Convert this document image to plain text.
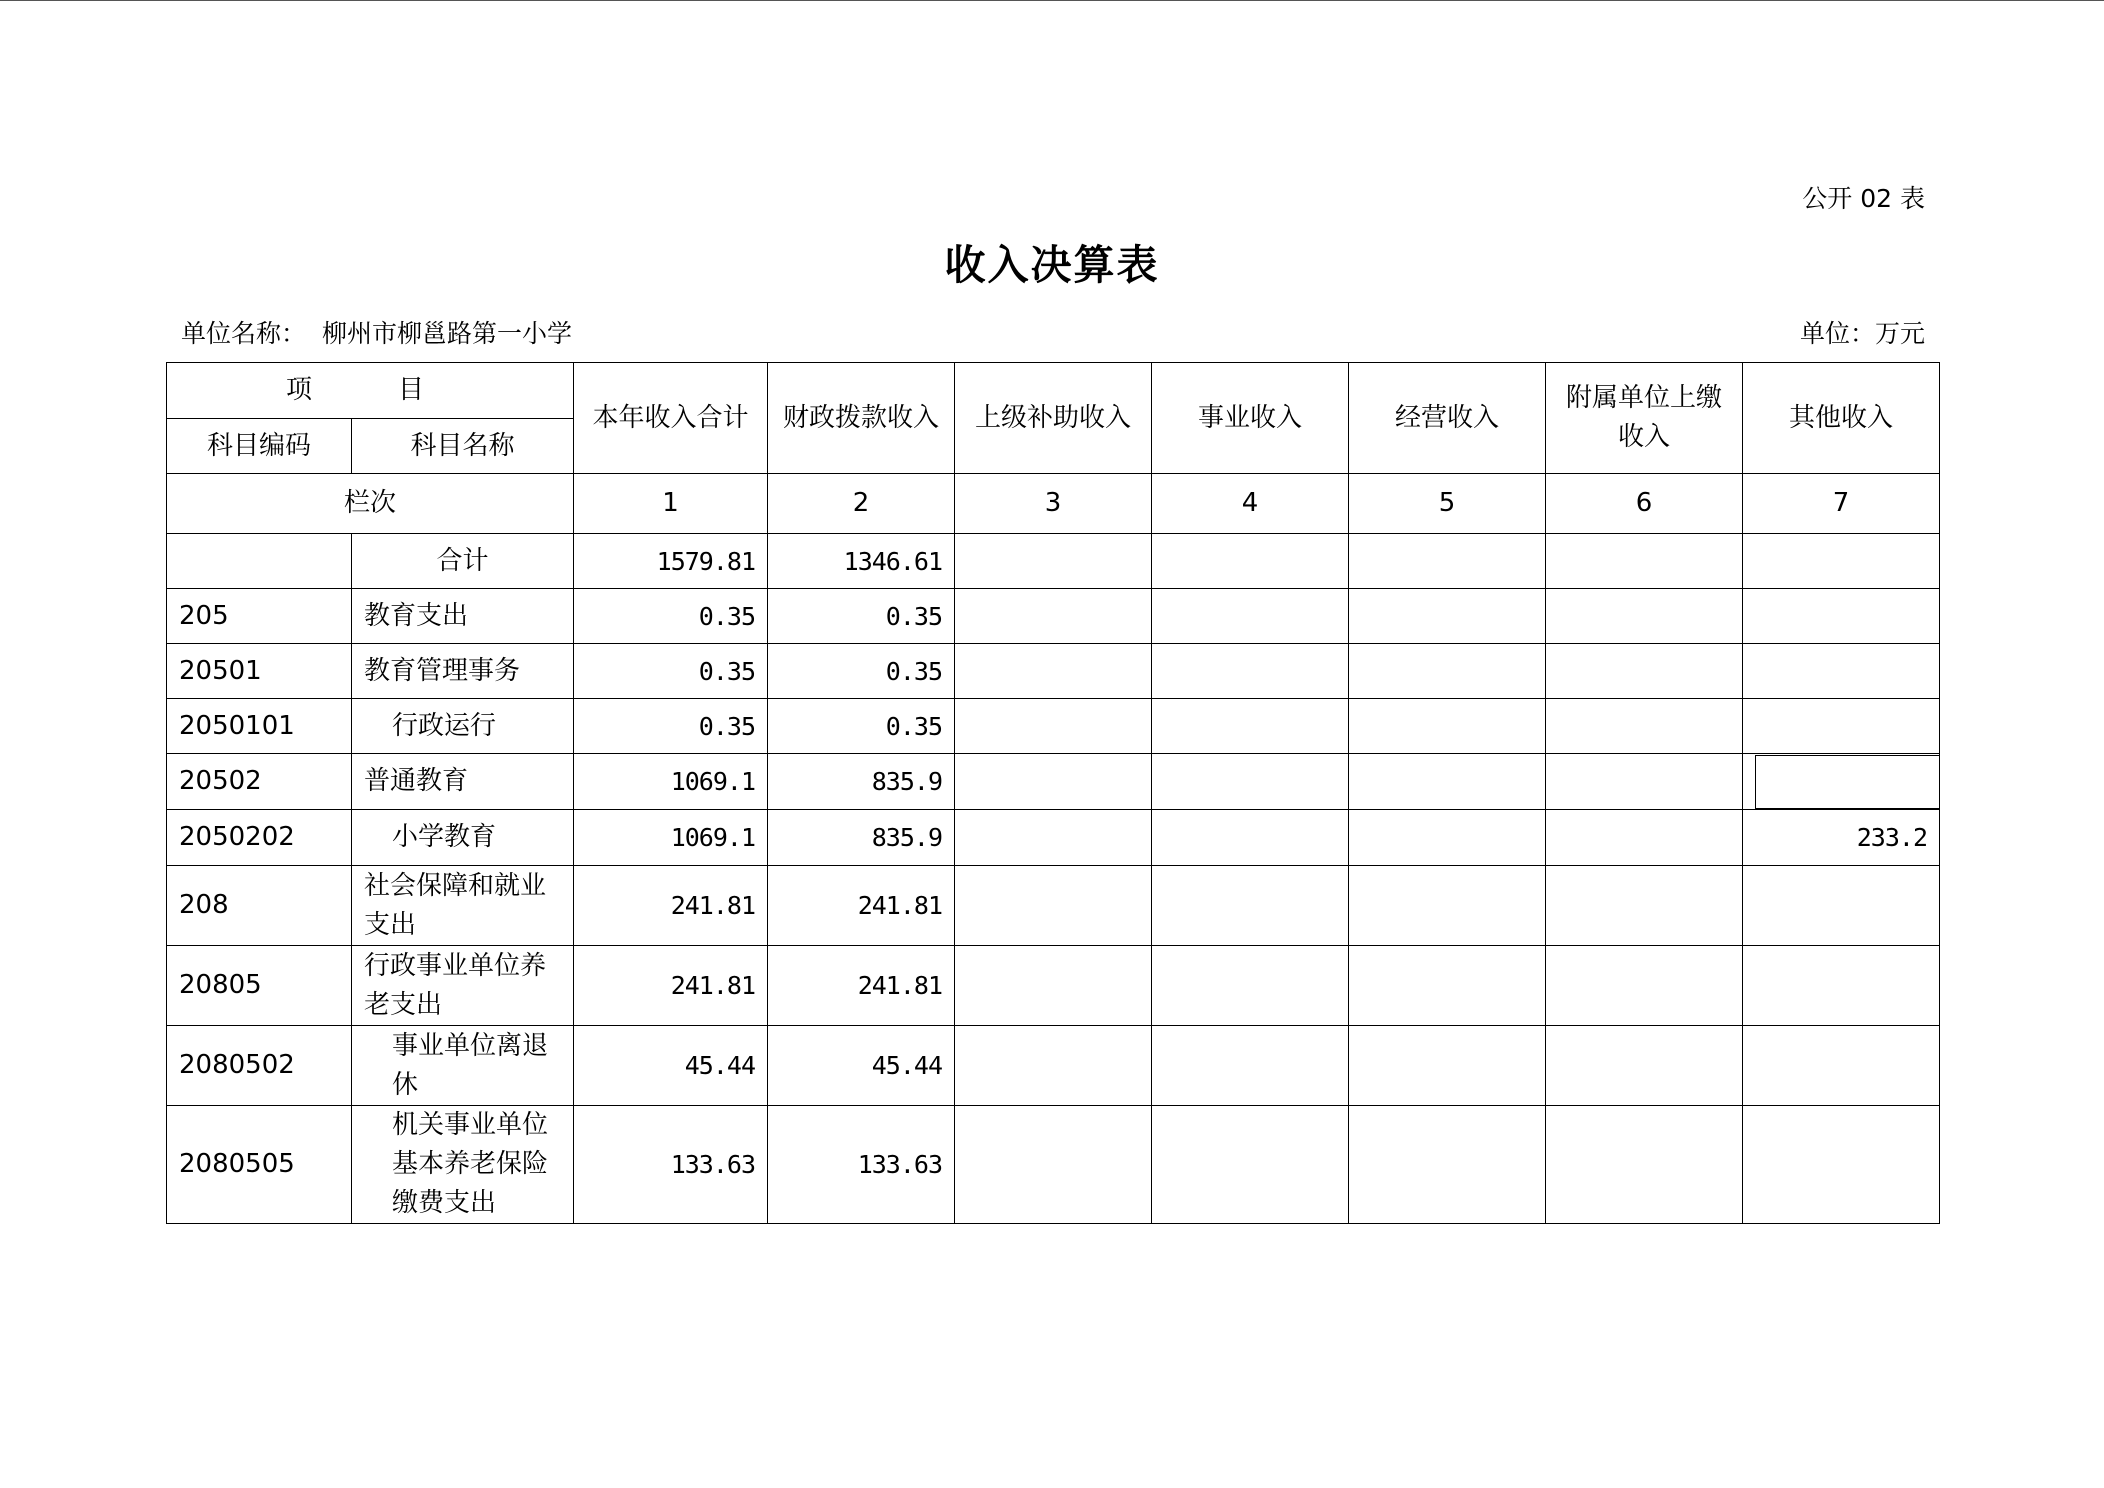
公开 02 表
收入决算表
单位名称： 柳州市柳邕路第一小学	单位：万元
项　目		本年收入合计	财政拨款收入	上级补助收入	事业收入	经营收入	附属单位上缴收入	其他收入
科目编码	科目名称							
栏次		1	2	3	4	5	6	7
	合计	1579.81	1346.61					
205	教育支出	0.35	0.35					
20501	教育管理事务	0.35	0.35					
2050101	行政运行	0.35	0.35					
20502	普通教育	1069.1	835.9					

2050202	小学教育	1069.1	835.9					233.2
208	社会保障和就业支出	241.81	241.81					
20805	行政事业单位养老支出	241.81	241.81					
2080502	事业单位离退休	45.44	45.44					
2080505	机关事业单位基本养老保险缴费支出	133.63	133.63					
